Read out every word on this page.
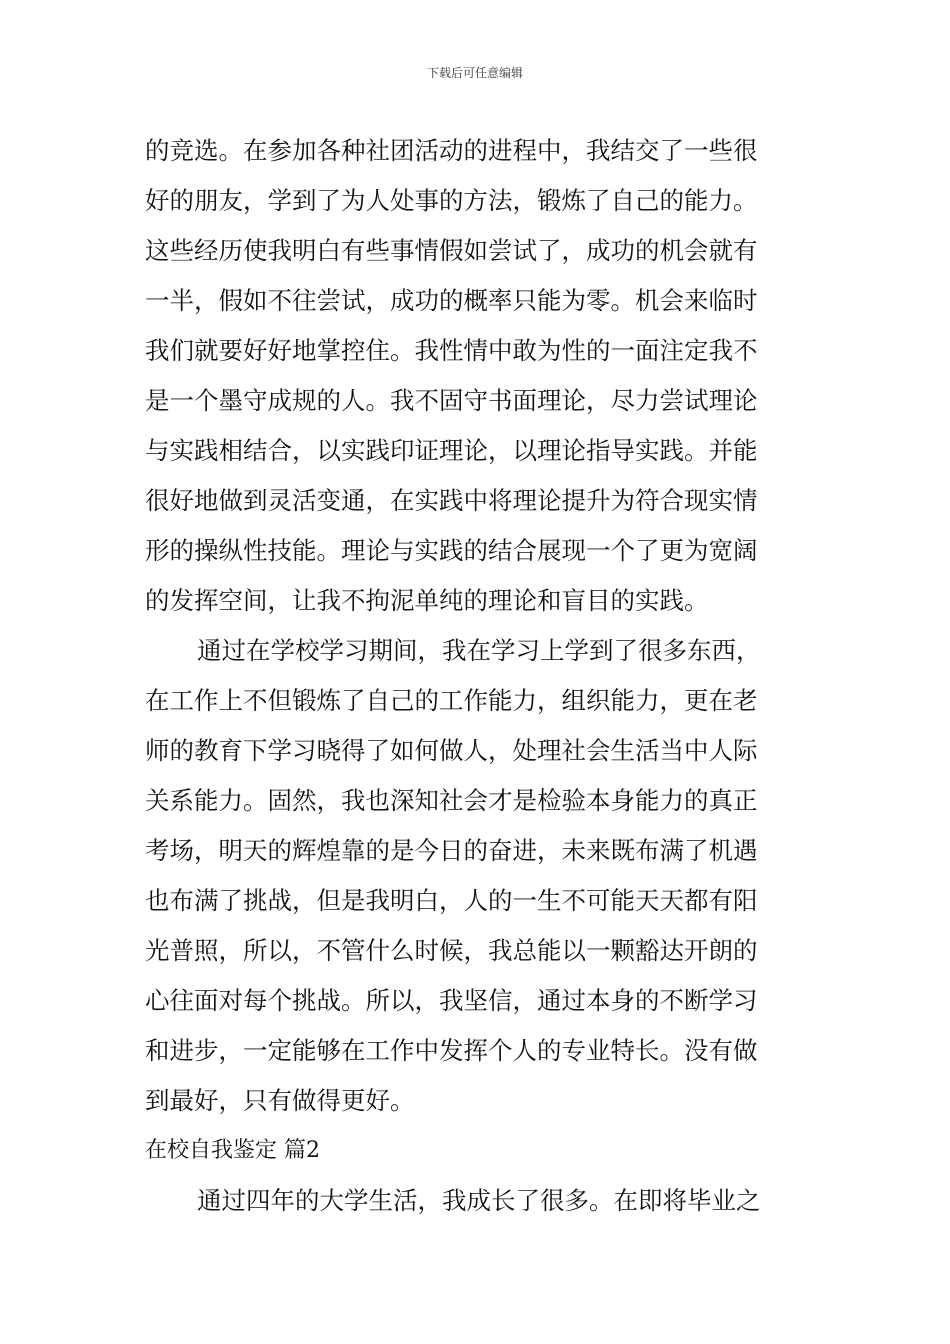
下载后可任意编辑
的竞选。在参加各种社团活动的进程中，我结交了一些很
好的朋友，学到了为人处事的方法，锻炼了自己的能力。
这些经历使我明白有些事情假如尝试了，成功的机会就有
一半，假如不往尝试，成功的概率只能为零。机会来临时
我们就要好好地掌控住。我性情中敢为性的一面注定我不
是一个墨守成规的人。我不固守书面理论，尽力尝试理论
与实践相结合，以实践印证理论，以理论指导实践。并能
很好地做到灵活变通，在实践中将理论提升为符合现实情
形的操纵性技能。理论与实践的结合展现一个了更为宽阔
的发挥空间，让我不拘泥单纯的理论和盲目的实践。
通过在学校学习期间，我在学习上学到了很多东西，
在工作上不但锻炼了自己的工作能力，组织能力，更在老
师的教育下学习晓得了如何做人，处理社会生活当中人际
关系能力。固然，我也深知社会才是检验本身能力的真正
考场，明天的辉煌靠的是今日的奋进，未来既布满了机遇
也布满了挑战，但是我明白，人的一生不可能天天都有阳
光普照，所以，不管什么时候，我总能以一颗豁达开朗的
心往面对每个挑战。所以，我坚信，通过本身的不断学习
和进步，一定能够在工作中发挥个人的专业特长。没有做
到最好，只有做得更好。
在校自我鉴定 篇2
通过四年的大学生活，我成长了很多。在即将毕业之
